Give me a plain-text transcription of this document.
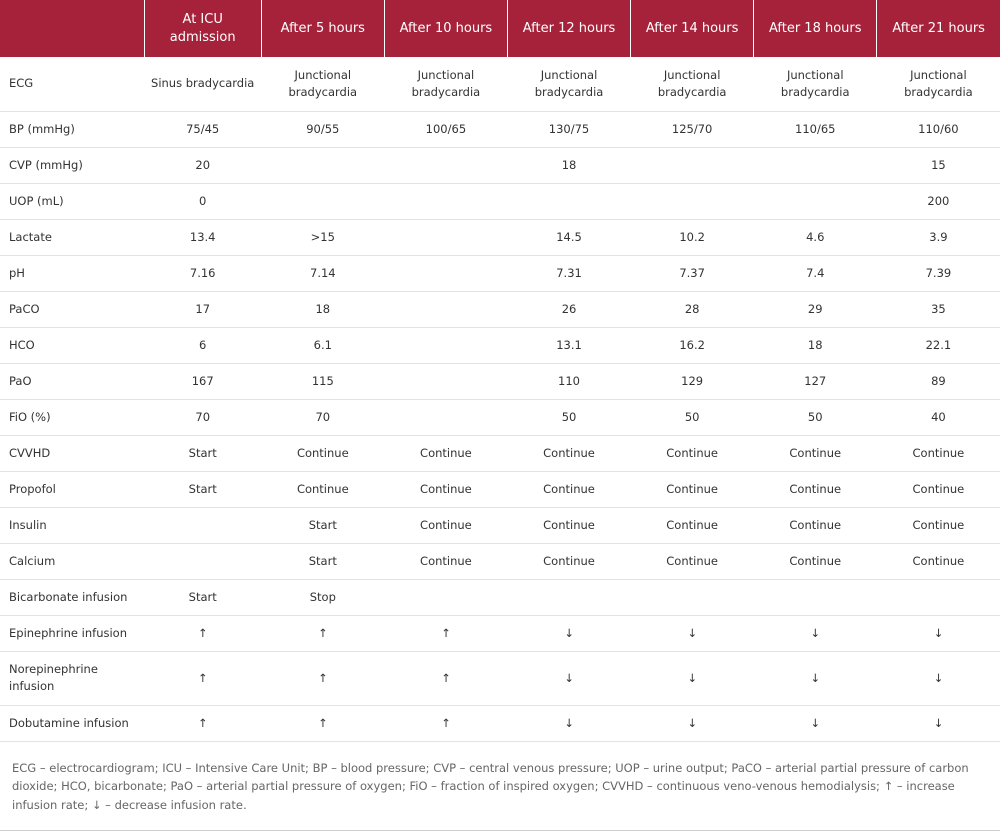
	At ICU admission	After 5 hours	After 10 hours	After 12 hours	After 14 hours	After 18 hours	After 21 hours
ECG	Sinus bradycardia	Junctional bradycardia	Junctional bradycardia	Junctional bradycardia	Junctional bradycardia	Junctional bradycardia	Junctional bradycardia
BP (mmHg)	75/45	90/55	100/65	130/75	125/70	110/65	110/60
CVP (mmHg)	20			18			15
UOP (mL)	0						200
Lactate	13.4	>15		14.5	10.2	4.6	3.9
pH	7.16	7.14		7.31	7.37	7.4	7.39
PaCO	17	18		26	28	29	35
HCO	6	6.1		13.1	16.2	18	22.1
PaO	167	115		110	129	127	89
FiO (%)	70	70		50	50	50	40
CVVHD	Start	Continue	Continue	Continue	Continue	Continue	Continue
Propofol	Start	Continue	Continue	Continue	Continue	Continue	Continue
Insulin		Start	Continue	Continue	Continue	Continue	Continue
Calcium		Start	Continue	Continue	Continue	Continue	Continue
Bicarbonate infusion	Start	Stop					
Epinephrine infusion	↑	↑	↑	↓	↓	↓	↓
Norepinephrine infusion	↑	↑	↑	↓	↓	↓	↓
Dobutamine infusion	↑	↑	↑	↓	↓	↓	↓
ECG – electrocardiogram; ICU – Intensive Care Unit; BP – blood pressure; CVP – central venous pressure; UOP – urine output; PaCO – arterial partial pressure of carbon dioxide; HCO, bicarbonate; PaO – arterial partial pressure of oxygen; FiO – fraction of inspired oxygen; CVVHD – continuous veno-venous hemodialysis; ↑ – increase infusion rate; ↓ – decrease infusion rate.
